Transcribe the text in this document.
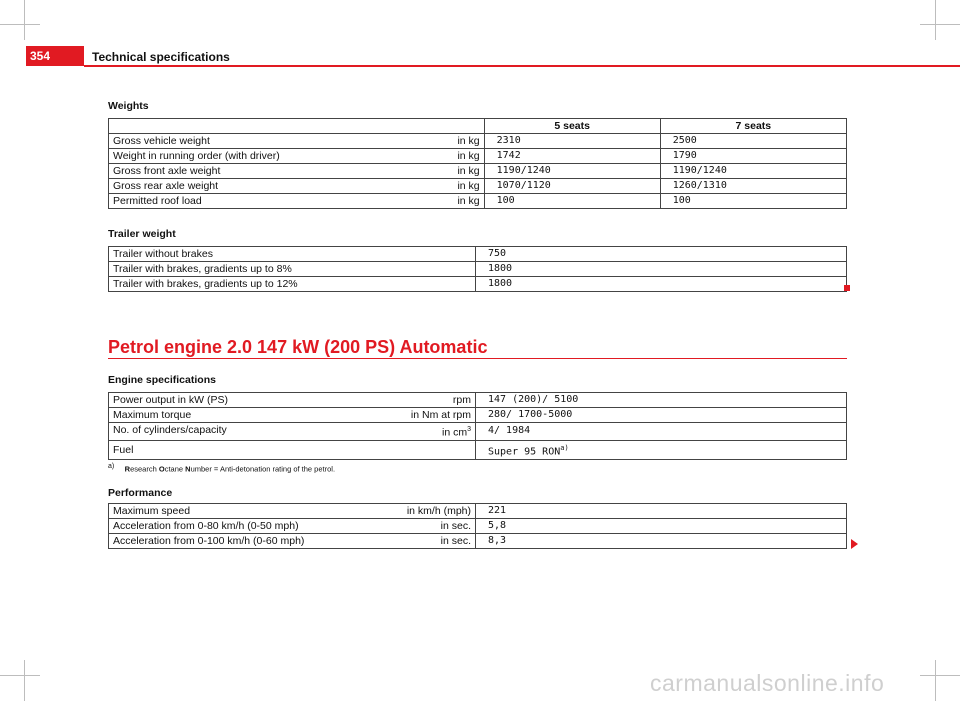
354	Technical specifications
Weights
	5 seats	7 seats
Gross vehicle weight in kg	2310	2500
Weight in running order (with driver) in kg	1742	1790
Gross front axle weight in kg	1190/1240	1190/1240
Gross rear axle weight in kg	1070/1120	1260/1310
Permitted roof load in kg	100	100
Trailer weight
Trailer without brakes	750
Trailer with brakes, gradients up to 8%	1800
Trailer with brakes, gradients up to 12%	1800
Petrol engine 2.0 147 kW (200 PS) Automatic
Engine specifications
Power output in kW (PS) rpm	147 (200)/ 5100
Maximum torque in Nm at rpm	280/ 1700-5000
No. of cylinders/capacity in $cm^3$	4/ 1984
Fuel	Super 95 RON$^{a)}$
$^{a)}$ Research Octane Number = Anti-detonation rating of the petrol.
Performance
Maximum speed in km/h (mph)	221
Acceleration from 0-80 km/h (0-50 mph) in sec.	5,8
Acceleration from 0-100 km/h (0-60 mph) in sec.	8,3
carmanualsonline.info
